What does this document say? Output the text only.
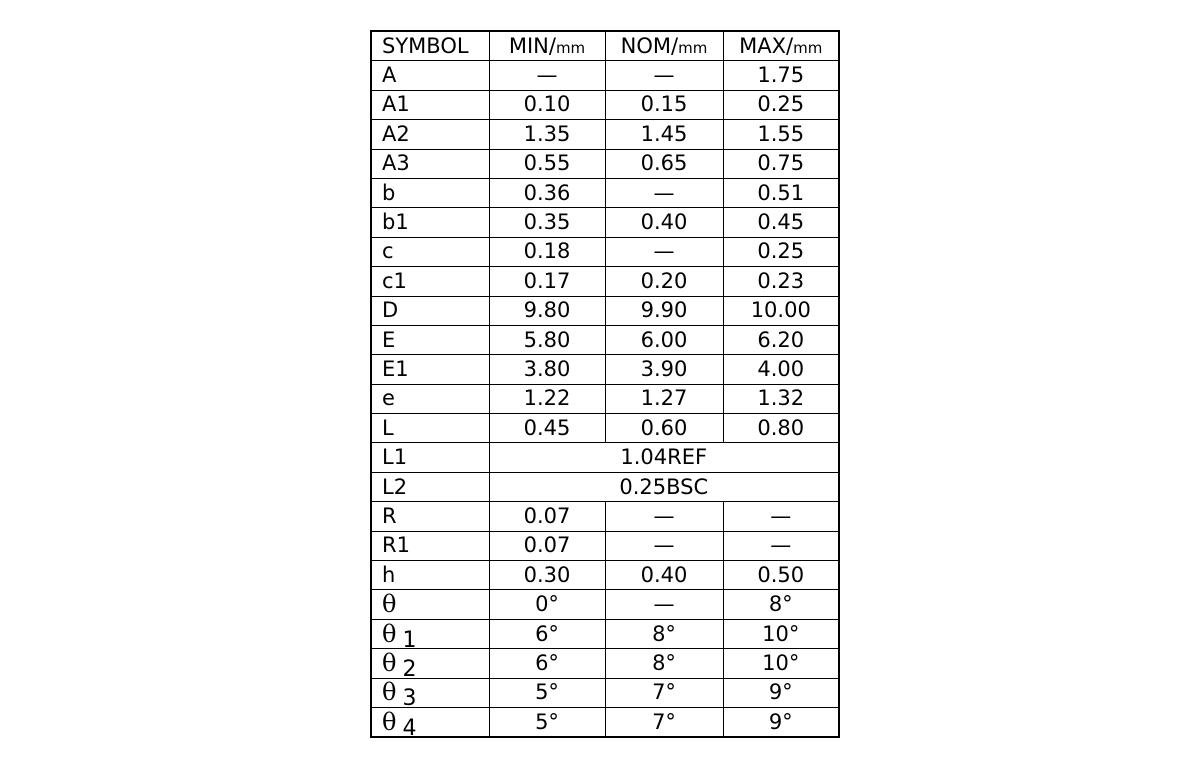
SYMBOL	MIN/mm	NOM/mm	MAX/mm
A	—	—	1.75
A1	0.10	0.15	0.25
A2	1.35	1.45	1.55
A3	0.55	0.65	0.75
b	0.36	—	0.51
b1	0.35	0.40	0.45
c	0.18	—	0.25
c1	0.17	0.20	0.23
D	9.80	9.90	10.00
E	5.80	6.00	6.20
E1	3.80	3.90	4.00
e	1.22	1.27	1.32
L	0.45	0.60	0.80
L1	1.04REF		
L2	0.25BSC		
R	0.07	—	—
R1	0.07	—	—
h	0.30	0.40	0.50
θ	0°	—	8°
θ 1	6°	8°	10°
θ 2	6°	8°	10°
θ 3	5°	7°	9°
θ 4	5°	7°	9°
